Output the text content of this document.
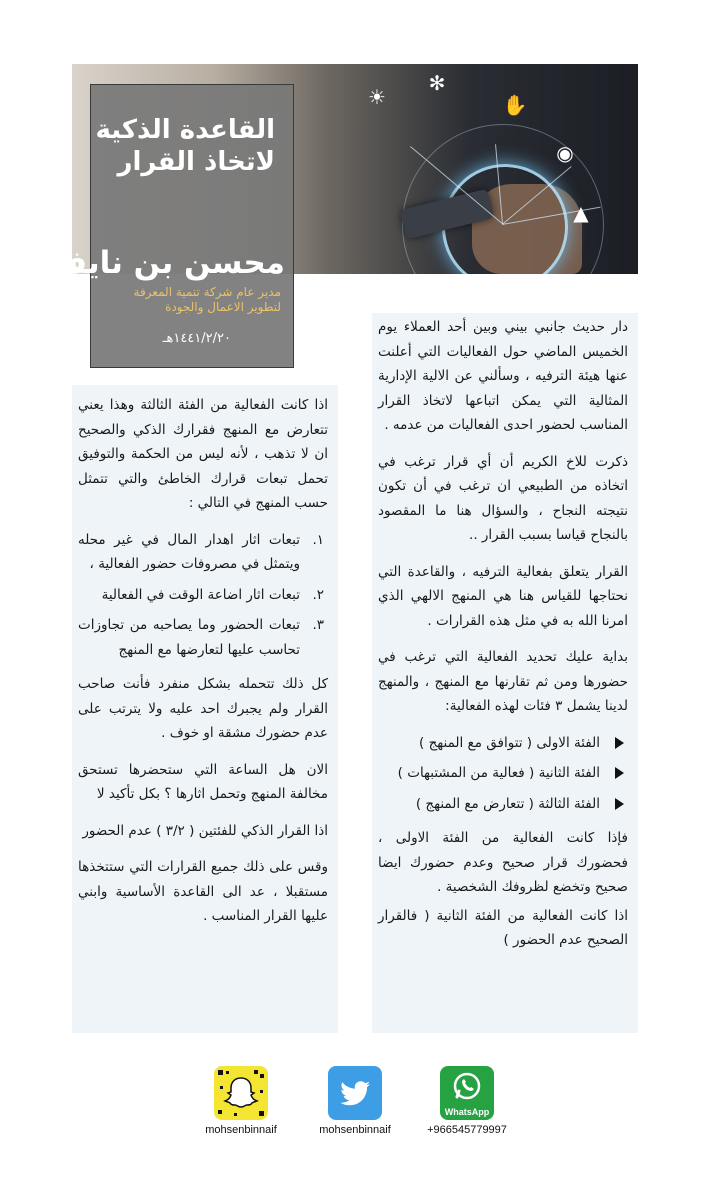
☀
✻
✋
◉
▲
القاعدة الذكية
لاتخاذ القرار
محسن بن نايف
مدير عام شركة تنمية المعرفة
لتطوير الاعمال والجودة
١٤٤١/٢/٢٠هـ

دار حديث جانبي بيني وبين أحد العملاء يوم الخميس الماضي حول الفعاليات التي أعلنت عنها هيئة الترفيه ، وسألني عن الالية الإدارية المثالية التي يمكن اتباعها لاتخاذ القرار المناسب لحضور احدى الفعاليات من عدمه .

ذكرت للاخ الكريم أن أي قرار ترغب في اتخاذه من الطبيعي ان ترغب في أن تكون نتيجته النجاح ، والسؤال هنا ما المقصود بالنجاح قياسا بسبب القرار ..

القرار يتعلق بفعالية الترفيه ، والقاعدة التي نحتاجها للقياس هنا هي المنهج الالهي الذي امرنا الله به في مثل هذه القرارات .

بداية عليك تحديد الفعالية التي ترغب في حضورها ومن ثم تقارنها مع المنهج ، والمنهج لدينا يشمل ٣ فئات لهذه الفعالية:

الفئة الاولى ( تتوافق مع المنهج )
الفئة الثانية ( فعالية من المشتبهات )
الفئة الثالثة ( تتعارض مع المنهج )

فإذا كانت الفعالية من الفئة الاولى ، فحضورك قرار صحيح وعدم حضورك ايضا صحيح وتخضع لظروفك الشخصية .

اذا كانت الفعالية من الفئة الثانية ( فالقرار الصحيح عدم الحضور )

اذا كانت الفعالية من الفئة الثالثة وهذا يعني تتعارض مع المنهج فقرارك الذكي والصحيح ان لا تذهب ، لأنه ليس من الحكمة والتوفيق تحمل تبعات قرارك الخاطئ والتي تتمثل حسب المنهج في التالي :

١.
تبعات اثار اهدار المال في غير محله ويتمثل في مصروفات حضور الفعالية ،
٢.
تبعات اثار اضاعة الوقت في الفعالية
٣.
تبعات الحضور وما يصاحبه من تجاوزات تحاسب عليها لتعارضها مع المنهج

كل ذلك تتحمله بشكل منفرد فأنت صاحب القرار ولم يجبرك احد عليه ولا يترتب على عدم حضورك مشقة او خوف .

الان هل الساعة التي ستحضرها تستحق مخالفة المنهج وتحمل اثارها ؟ بكل تأكيد لا

اذا القرار الذكي للفئتين ( ٣/٢ ) عدم الحضور

وقس على ذلك جميع القرارات التي ستتخذها مستقبلا ، عد الى القاعدة الأساسية وابني عليها القرار المناسب .

mohsenbinnaif	mohsenbinnaif
WhatsApp
+966545779997
